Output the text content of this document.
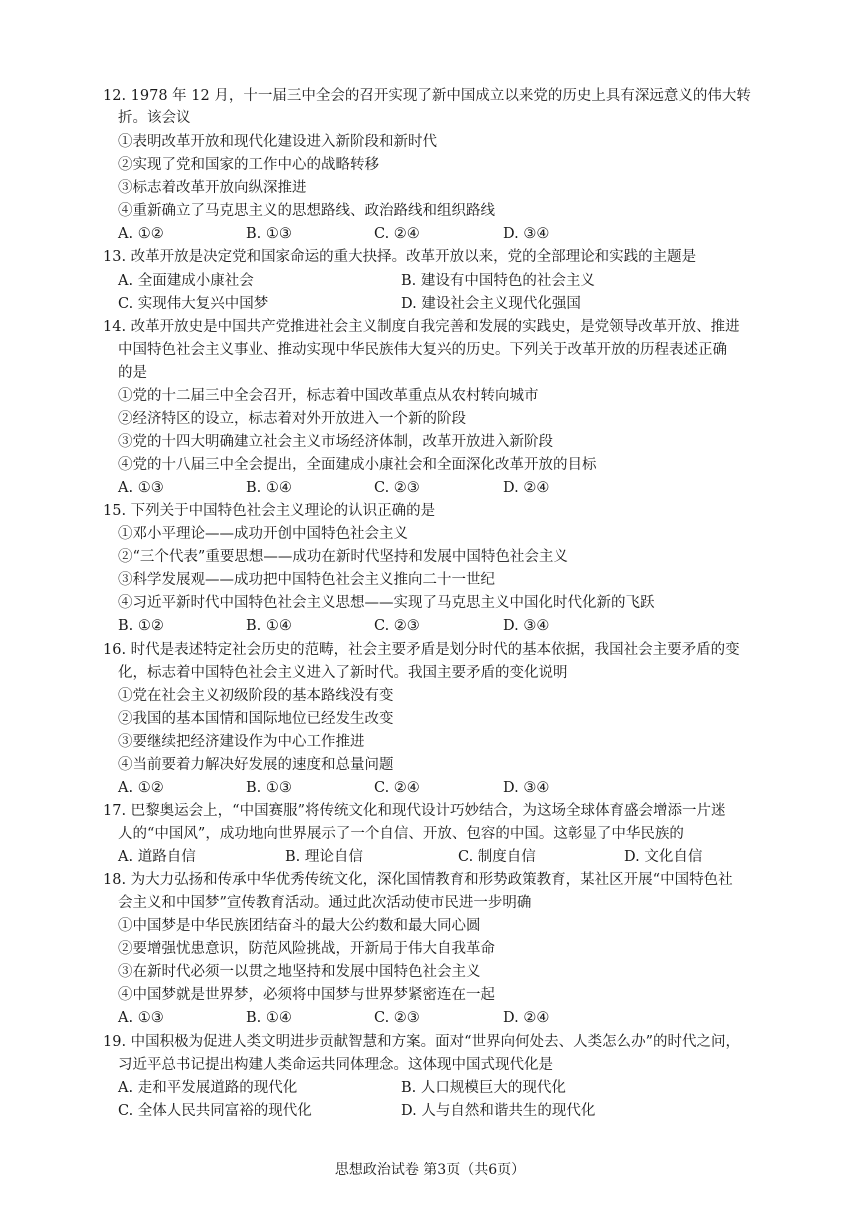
12. 1978 年 12 月，十一届三中全会的召开实现了新中国成立以来党的历史上具有深远意义的伟大转
折。该会议
①表明改革开放和现代化建设进入新阶段和新时代
②实现了党和国家的工作中心的战略转移
③标志着改革开放向纵深推进
④重新确立了马克思主义的思想路线、政治路线和组织路线
A. ①②	B. ①③	C. ②④	D. ③④
13. 改革开放是决定党和国家命运的重大抉择。改革开放以来，党的全部理论和实践的主题是
A. 全面建成小康社会	B. 建设有中国特色的社会主义
C. 实现伟大复兴中国梦	D. 建设社会主义现代化强国
14. 改革开放史是中国共产党推进社会主义制度自我完善和发展的实践史，是党领导改革开放、推进
中国特色社会主义事业、推动实现中华民族伟大复兴的历史。下列关于改革开放的历程表述正确
的是
①党的十二届三中全会召开，标志着中国改革重点从农村转向城市
②经济特区的设立，标志着对外开放进入一个新的阶段
③党的十四大明确建立社会主义市场经济体制，改革开放进入新阶段
④党的十八届三中全会提出，全面建成小康社会和全面深化改革开放的目标
A. ①③	B. ①④	C. ②③	D. ②④
15. 下列关于中国特色社会主义理论的认识正确的是
①邓小平理论——成功开创中国特色社会主义
②“三个代表”重要思想——成功在新时代坚持和发展中国特色社会主义
③科学发展观——成功把中国特色社会主义推向二十一世纪
④习近平新时代中国特色社会主义思想——实现了马克思主义中国化时代化新的飞跃
B. ①②	B. ①④	C. ②③	D. ③④
16. 时代是表述特定社会历史的范畴，社会主要矛盾是划分时代的基本依据，我国社会主要矛盾的变
化，标志着中国特色社会主义进入了新时代。我国主要矛盾的变化说明
①党在社会主义初级阶段的基本路线没有变
②我国的基本国情和国际地位已经发生改变
③要继续把经济建设作为中心工作推进
④当前要着力解决好发展的速度和总量问题
A. ①②	B. ①③	C. ②④	D. ③④
17. 巴黎奥运会上，“中国赛服”将传统文化和现代设计巧妙结合，为这场全球体育盛会增添一片迷
人的“中国风”，成功地向世界展示了一个自信、开放、包容的中国。这彰显了中华民族的
A. 道路自信	B. 理论自信	C. 制度自信	D. 文化自信
18. 为大力弘扬和传承中华优秀传统文化，深化国情教育和形势政策教育，某社区开展“中国特色社
会主义和中国梦”宣传教育活动。通过此次活动使市民进一步明确
①中国梦是中华民族团结奋斗的最大公约数和最大同心圆
②要增强忧患意识，防范风险挑战，开新局于伟大自我革命
③在新时代必须一以贯之地坚持和发展中国特色社会主义
④中国梦就是世界梦，必须将中国梦与世界梦紧密连在一起
A. ①③	B. ①④	C. ②③	D. ②④
19. 中国积极为促进人类文明进步贡献智慧和方案。面对“世界向何处去、人类怎么办”的时代之问，
习近平总书记提出构建人类命运共同体理念。这体现中国式现代化是
A. 走和平发展道路的现代化	B. 人口规模巨大的现代化
C. 全体人民共同富裕的现代化	D. 人与自然和谐共生的现代化
思想政治试卷 第3页（共6页）
